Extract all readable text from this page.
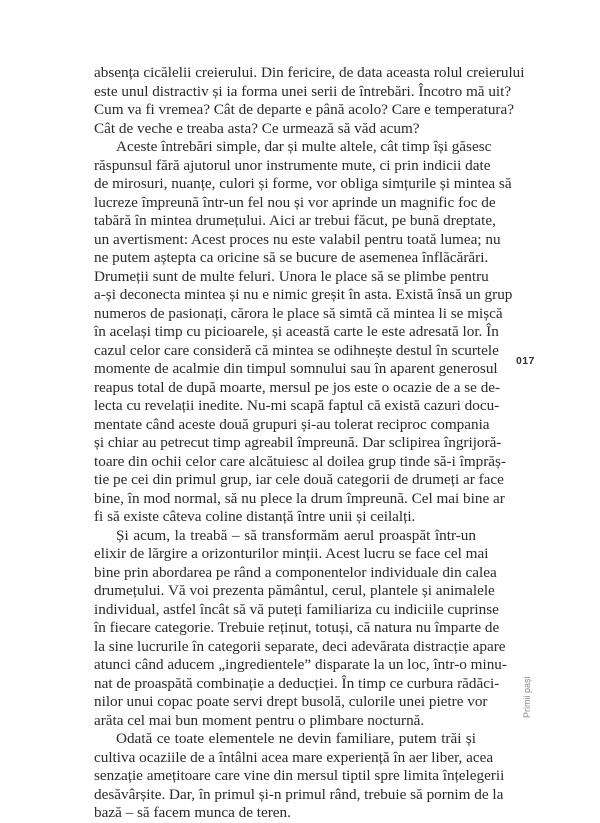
absența cicălelii creierului. Din fericire, de data aceasta rolul creierului
este unul distractiv și ia forma unei serii de întrebări. Încotro mă uit?
Cum va fi vremea? Cât de departe e până acolo? Care e temperatura?
Cât de veche e treaba asta? Ce urmează să văd acum?

Aceste întrebări simple, dar și multe altele, cât timp își găsesc
răspunsul fără ajutorul unor instrumente mute, ci prin indicii date
de mirosuri, nuanțe, culori și forme, vor obliga simțurile și mintea să
lucreze împreună într-un fel nou și vor aprinde un magnific foc de
tabără în mintea drumețului. Aici ar trebui făcut, pe bună dreptate,
un avertisment: Acest proces nu este valabil pentru toată lumea; nu
ne putem aștepta ca oricine să se bucure de asemenea înflăcărări.
Drumeții sunt de multe feluri. Unora le place să se plimbe pentru
a-și deconecta mintea și nu e nimic greșit în asta. Există însă un grup
numeros de pasionați, cărora le place să simtă că mintea li se mișcă
în același timp cu picioarele, și această carte le este adresată lor. În
cazul celor care consideră că mintea se odihnește destul în scurtele
momente de acalmie din timpul somnului sau în aparent generosul
reapus total de după moarte, mersul pe jos este o ocazie de a se de-
lecta cu revelații inedite. Nu-mi scapă faptul că există cazuri docu-
mentate când aceste două grupuri și-au tolerat reciproc compania
și chiar au petrecut timp agreabil împreună. Dar sclipirea îngrijoră-
toare din ochii celor care alcătuiesc al doilea grup tinde să-i împrăș-
tie pe cei din primul grup, iar cele două categorii de drumeți ar face
bine, în mod normal, să nu plece la drum împreună. Cel mai bine ar
fi să existe câteva coline distanță între unii și ceilalți.

Și acum, la treabă – să transformăm aerul proaspăt într-un
elixir de lărgire a orizonturilor minții. Acest lucru se face cel mai
bine prin abordarea pe rând a componentelor individuale din calea
drumețului. Vă voi prezenta pământul, cerul, plantele și animalele
individual, astfel încât să vă puteți familiariza cu indiciile cuprinse
în fiecare categorie. Trebuie reținut, totuși, că natura nu împarte de
la sine lucrurile în categorii separate, deci adevărata distracție apare
atunci când aducem „ingredientele” disparate la un loc, într-o minu-
nat de proaspătă combinație a deducției. În timp ce curbura rădăci-
nilor unui copac poate servi drept busolă, culorile unei pietre vor
arăta cel mai bun moment pentru o plimbare nocturnă.

Odată ce toate elementele ne devin familiare, putem trăi și
cultiva ocaziile de a întâlni acea mare experiență în aer liber, acea
senzație amețitoare care vine din mersul tiptil spre limita înțelegerii
desăvârșite. Dar, în primul și-n primul rând, trebuie să pornim de la
bază – să facem munca de teren.

017
Primii pași
